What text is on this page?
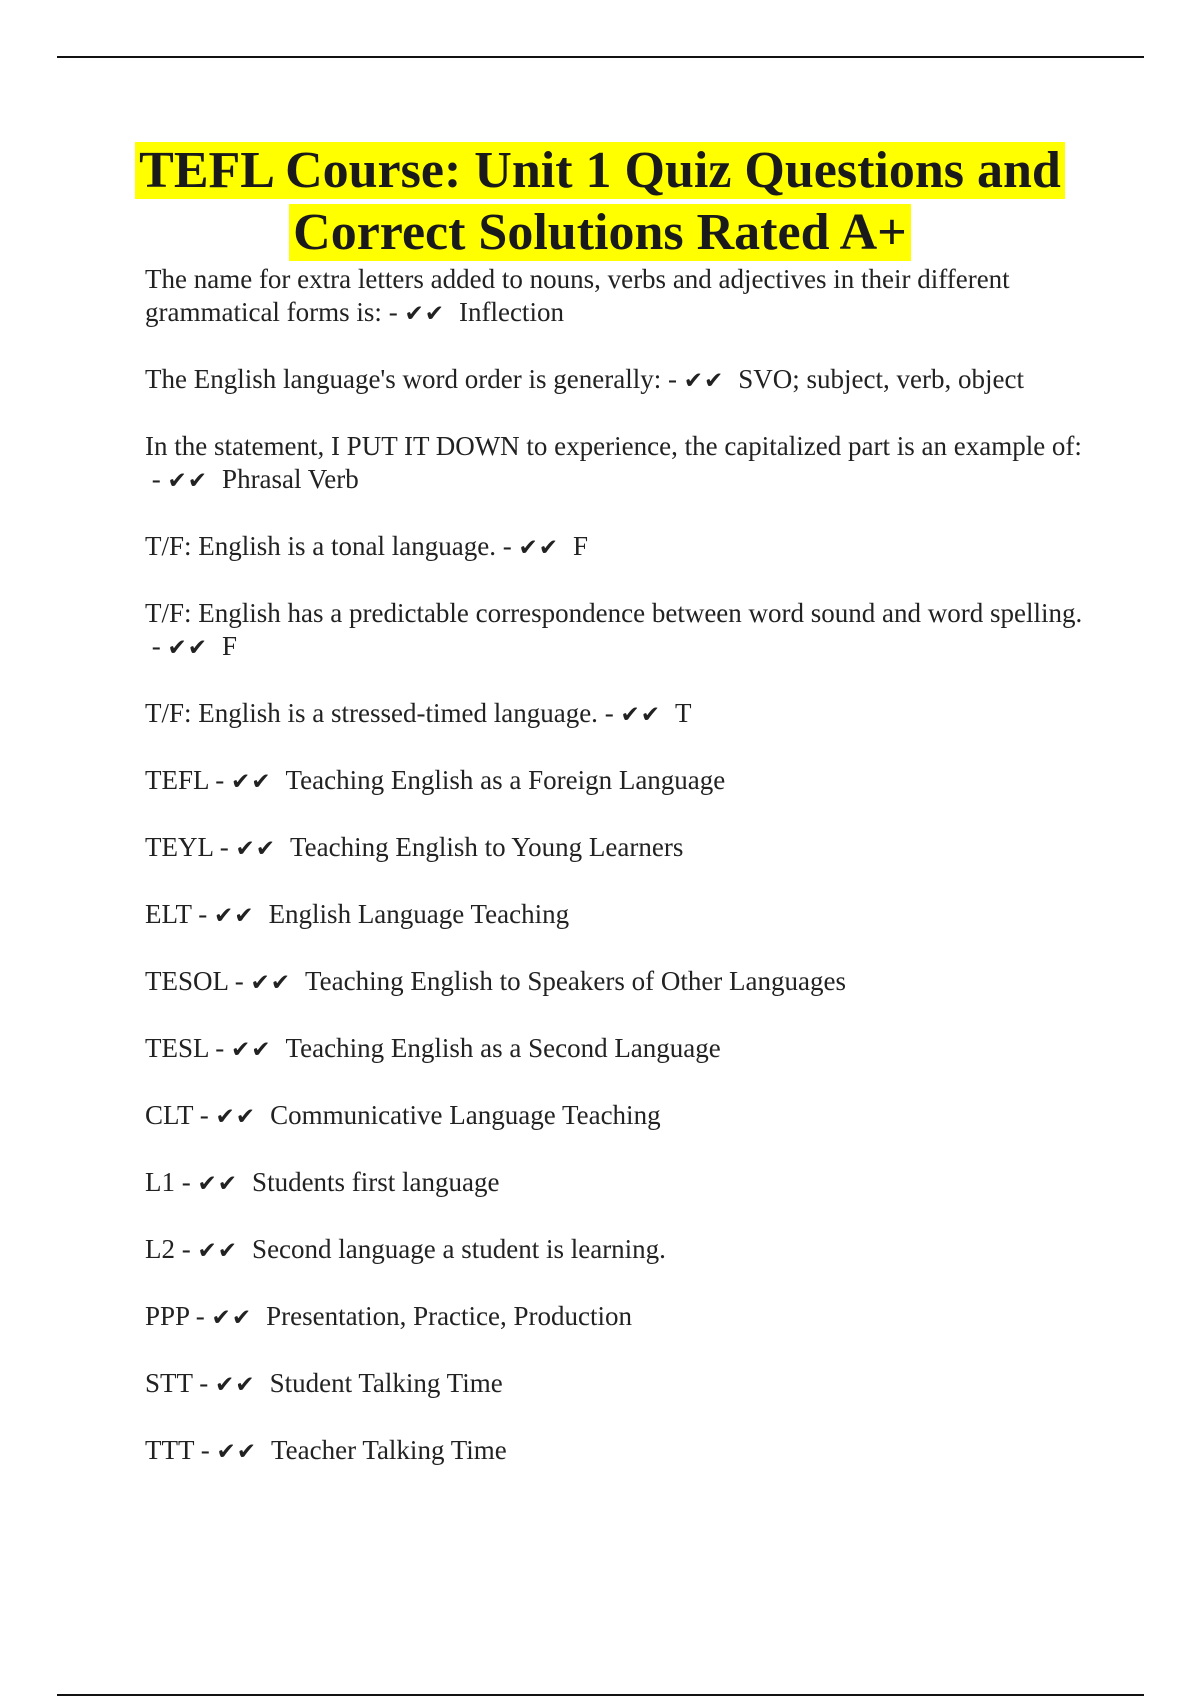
TEFL Course: Unit 1 Quiz Questions and
Correct Solutions Rated A+

The name for extra letters added to nouns, verbs and adjectives in their different grammatical forms is: - ✔✔ Inflection

The English language's word order is generally: - ✔✔ SVO; subject, verb, object

In the statement, I PUT IT DOWN to experience, the capitalized part is an example of: - ✔✔ Phrasal Verb

T/F: English is a tonal language. - ✔✔ F

T/F: English has a predictable correspondence between word sound and word spelling. - ✔✔ F

T/F: English is a stressed-timed language. - ✔✔ T

TEFL - ✔✔ Teaching English as a Foreign Language

TEYL - ✔✔ Teaching English to Young Learners

ELT - ✔✔ English Language Teaching

TESOL - ✔✔ Teaching English to Speakers of Other Languages

TESL - ✔✔ Teaching English as a Second Language

CLT - ✔✔ Communicative Language Teaching

L1 - ✔✔ Students first language

L2 - ✔✔ Second language a student is learning.

PPP - ✔✔ Presentation, Practice, Production

STT - ✔✔ Student Talking Time

TTT - ✔✔ Teacher Talking Time
